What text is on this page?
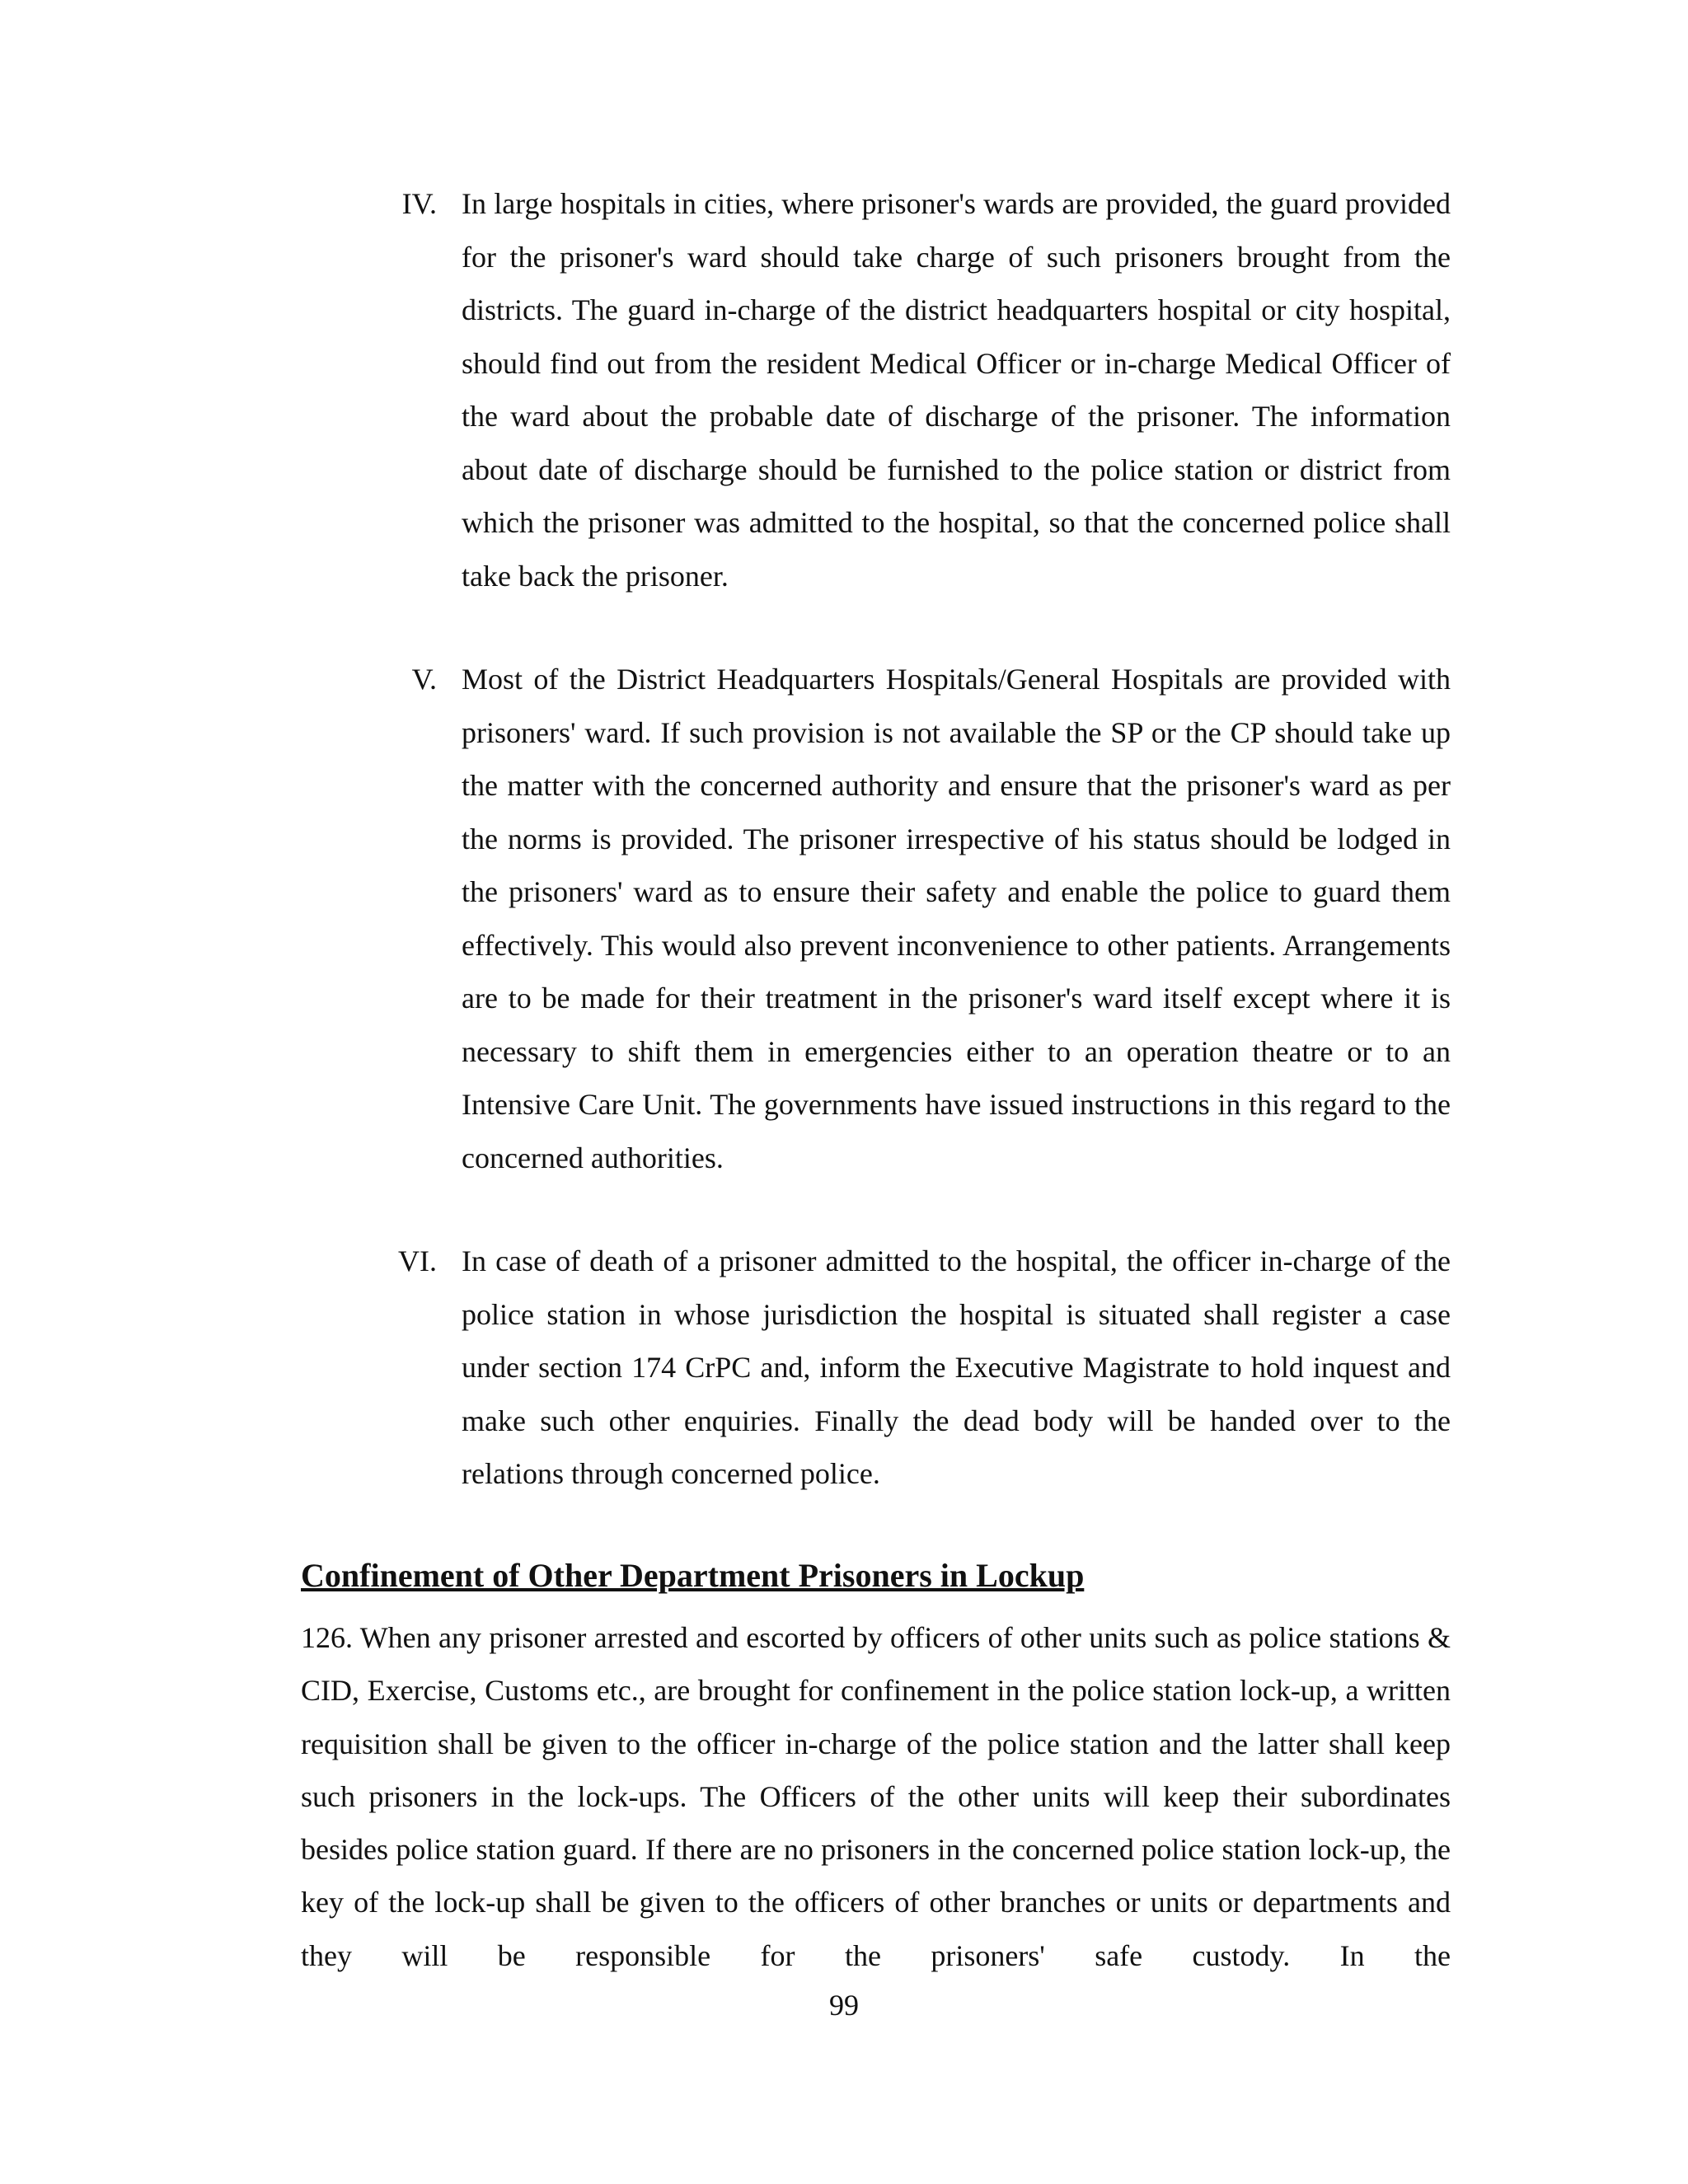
IV. In large hospitals in cities, where prisoner's wards are provided, the guard provided for the prisoner's ward should take charge of such prisoners brought from the districts. The guard in-charge of the district headquarters hospital or city hospital, should find out from the resident Medical Officer or in-charge Medical Officer of the ward about the probable date of discharge of the prisoner. The information about date of discharge should be furnished to the police station or district from which the prisoner was admitted to the hospital, so that the concerned police shall take back the prisoner.
V. Most of the District Headquarters Hospitals/General Hospitals are provided with prisoners' ward. If such provision is not available the SP or the CP should take up the matter with the concerned authority and ensure that the prisoner's ward as per the norms is provided. The prisoner irrespective of his status should be lodged in the prisoners' ward as to ensure their safety and enable the police to guard them effectively. This would also prevent inconvenience to other patients. Arrangements are to be made for their treatment in the prisoner's ward itself except where it is necessary to shift them in emergencies either to an operation theatre or to an Intensive Care Unit. The governments have issued instructions in this regard to the concerned authorities.
VI. In case of death of a prisoner admitted to the hospital, the officer in-charge of the police station in whose jurisdiction the hospital is situated shall register a case under section 174 CrPC and, inform the Executive Magistrate to hold inquest and make such other enquiries. Finally the dead body will be handed over to the relations through concerned police.
Confinement of Other Department Prisoners in Lockup

126. When any prisoner arrested and escorted by officers of other units such as police stations & CID, Exercise, Customs etc., are brought for confinement in the police station lock-up, a written requisition shall be given to the officer in-charge of the police station and the latter shall keep such prisoners in the lock-ups. The Officers of the other units will keep their subordinates besides police station guard. If there are no prisoners in the concerned police station lock-up, the key of the lock-up shall be given to the officers of other branches or units or departments and they will be responsible for the prisoners' safe custody. In the

99
